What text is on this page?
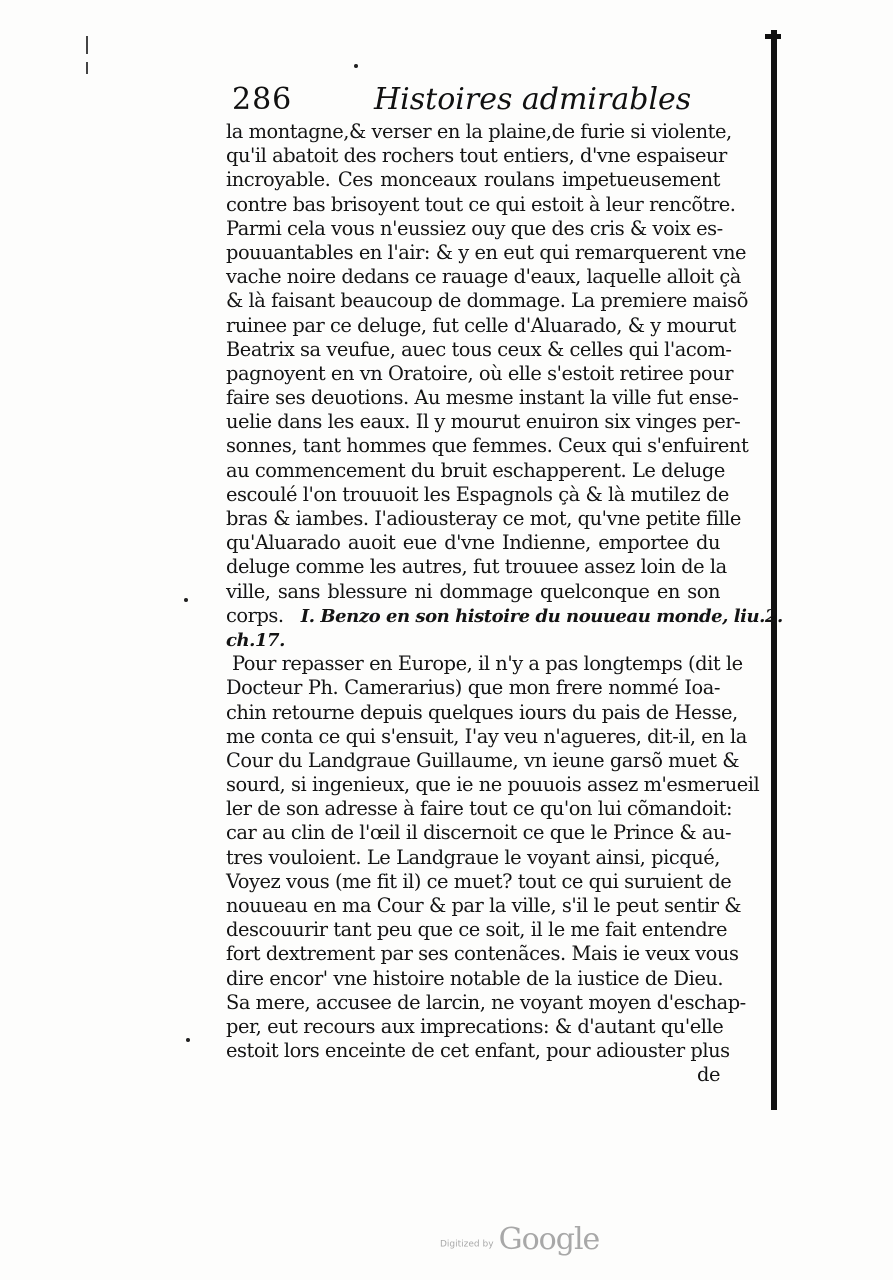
286	Histoires admirables
la montagne,& verser en la plaine,de furie si violente,
qu'il abatoit des rochers tout entiers, d'vne espaiseur
incroyable. Ces monceaux roulans impetueusement
contre bas brisoyent tout ce qui estoit à leur rencõtre.
Parmi cela vous n'eussiez ouy que des cris & voix es-
pouuantables en l'air: & y en eut qui remarquerent vne
vache noire dedans ce rauage d'eaux, laquelle alloit çà
& là faisant beaucoup de dommage. La premiere maisõ
ruinee par ce deluge, fut celle d'Aluarado, & y mourut
Beatrix sa veufue, auec tous ceux & celles qui l'acom-
pagnoyent en vn Oratoire, où elle s'estoit retiree pour
faire ses deuotions. Au mesme instant la ville fut ense-
uelie dans les eaux. Il y mourut enuiron six vinges per-
sonnes, tant hommes que femmes. Ceux qui s'enfuirent
au commencement du bruit eschapperent. Le deluge
escoulé l'on trouuoit les Espagnols çà & là mutilez de
bras & iambes. I'adiousteray ce mot, qu'vne petite fille
qu'Aluarado auoit eue d'vne Indienne, emportee du
deluge comme les autres, fut trouuee assez loin de la
ville, sans blessure ni dommage quelconque en son
corps. I. Benzo en son histoire du nouueau monde, liu.2.
ch.17.
Pour repasser en Europe, il n'y a pas longtemps (dit le
Docteur Ph. Camerarius) que mon frere nommé Ioa-
chin retourne depuis quelques iours du pais de Hesse,
me conta ce qui s'ensuit, I'ay veu n'agueres, dit-il, en la
Cour du Landgraue Guillaume, vn ieune garsõ muet &
sourd, si ingenieux, que ie ne pouuois assez m'esmerueil
ler de son adresse à faire tout ce qu'on lui cõmandoit:
car au clin de l'œil il discernoit ce que le Prince & au-
tres vouloient. Le Landgraue le voyant ainsi, picqué,
Voyez vous (me fit il) ce muet? tout ce qui suruient de
nouueau en ma Cour & par la ville, s'il le peut sentir &
descouurir tant peu que ce soit, il le me fait entendre
fort dextrement par ses contenãces. Mais ie veux vous
dire encor' vne histoire notable de la iustice de Dieu.
Sa mere, accusee de larcin, ne voyant moyen d'eschap-
per, eut recours aux imprecations: & d'autant qu'elle
estoit lors enceinte de cet enfant, pour adiouster plus
de
Digitized by Google
